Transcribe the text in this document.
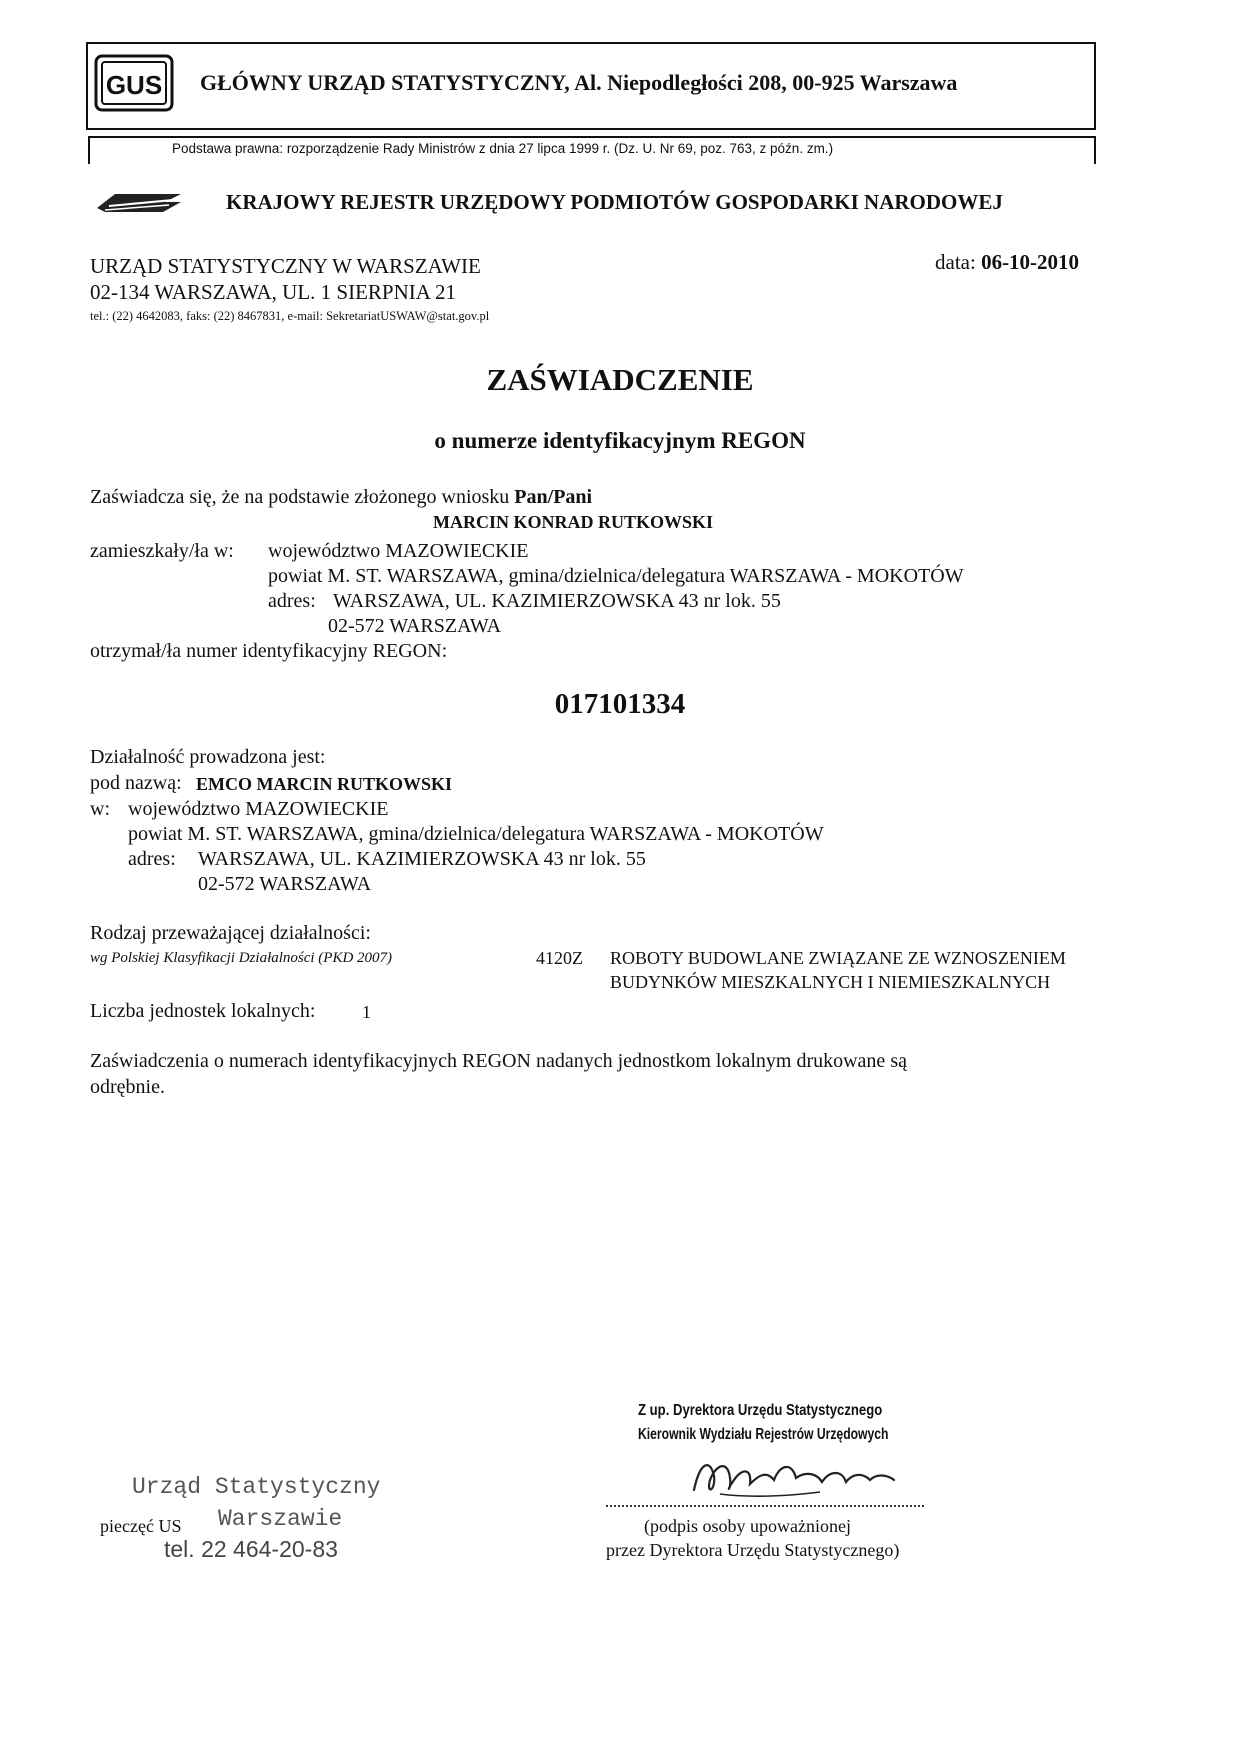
GUS GŁÓWNY URZĄD STATYSTYCZNY, Al. Niepodległości 208, 00-925 Warszawa
Podstawa prawna: rozporządzenie Rady Ministrów z dnia 27 lipca 1999 r. (Dz. U. Nr 69, poz. 763, z późn. zm.)
KRAJOWY REJESTR URZĘDOWY PODMIOTÓW GOSPODARKI NARODOWEJ
URZĄD STATYSTYCZNY W WARSZAWIE
02-134 WARSZAWA, UL. 1 SIERPNIA 21
tel.: (22) 4642083, faks: (22) 8467831, e-mail: SekretariatUSWAW@stat.gov.pl
data: 06-10-2010
ZAŚWIADCZENIE
o numerze identyfikacyjnym REGON
Zaświadcza się, że na podstawie złożonego wniosku Pan/Pani
MARCIN KONRAD RUTKOWSKI
zamieszkały/ła w: województwo MAZOWIECKIE
powiat M. ST. WARSZAWA, gmina/dzielnica/delegatura WARSZAWA - MOKOTÓW
adres: WARSZAWA, UL. KAZIMIERZOWSKA 43 nr lok. 55
02-572 WARSZAWA
otrzymał/ła numer identyfikacyjny REGON:
017101334
Działalność prowadzona jest:
pod nazwą: EMCO MARCIN RUTKOWSKI
w: województwo MAZOWIECKIE
powiat M. ST. WARSZAWA, gmina/dzielnica/delegatura WARSZAWA - MOKOTÓW
adres: WARSZAWA, UL. KAZIMIERZOWSKA 43 nr lok. 55
02-572 WARSZAWA
Rodzaj przeważającej działalności:
wg Polskiej Klasyfikacji Działalności (PKD 2007)	4120Z ROBOTY BUDOWLANE ZWIĄZANE ZE WZNOSZENIEM
BUDYNKÓW MIESZKALNYCH I NIEMIESZKALNYCH
Liczba jednostek lokalnych:	1
Zaświadczenia o numerach identyfikacyjnych REGON nadanych jednostkom lokalnym drukowane są
odrębnie.
Z up. Dyrektora Urzędu Statystycznego
Kierownik Wydziału Rejestrów Urzędowych
(podpis osoby upoważnionej
przez Dyrektora Urzędu Statystycznego)
Urząd Statystyczny
pieczęć US Warszawie
tel. 22 464-20-83
